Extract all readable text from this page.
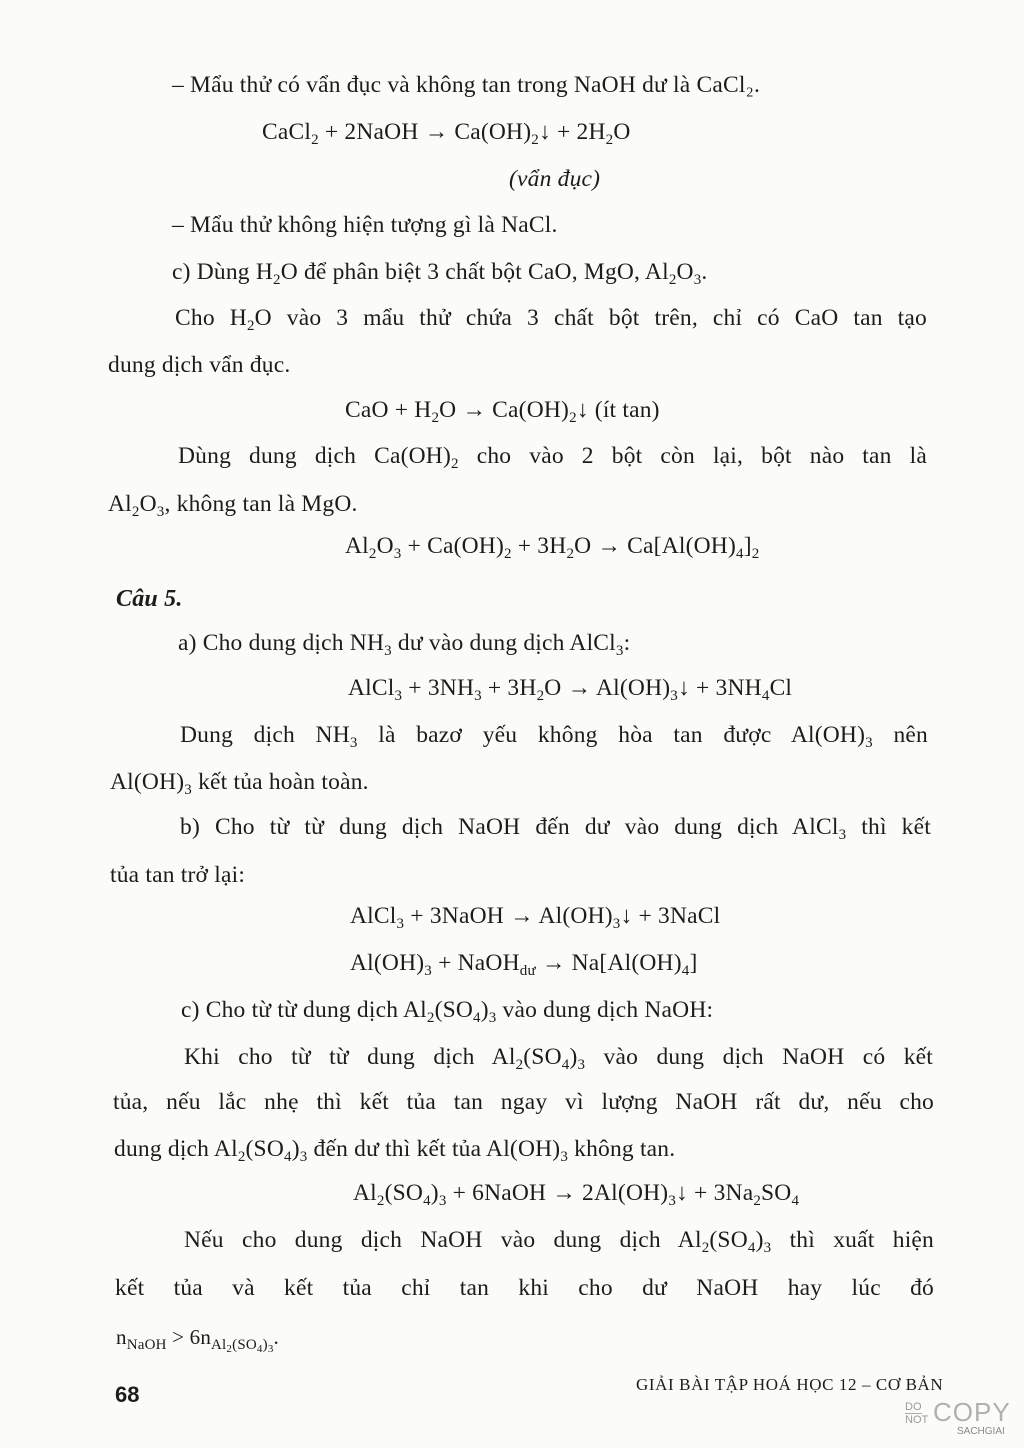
– Mẩu thử có vẩn đục và không tan trong NaOH dư là CaCl₂.
CaCl$_2$ + 2NaOH → $Ca(OH)_2↓ + 2H_2O$
(vẩn đục)
– Mẩu thử không hiện tượng gì là NaCl.
c) Dùng $H_2O$ để phân biệt 3 chất bột CaO, MgO, $Al_2O_3$.
Cho $H_2O$ vào 3 mẩu thử chứa 3 chất bột trên, chỉ có CaO tan tạo
dung dịch vẩn đục.
CaO + $H_2O$ → $Ca(OH)_2↓$ (ít tan)
Dùng dung dịch $Ca(OH)_2$ cho vào 2 bột còn lại, bột nào tan là
$Al_2O_3$, không tan là MgO.
$Al_2O_3 + Ca(OH)_2 + 3H_2O \to Ca[Al(OH)_4]_2$
Câu 5.
a) Cho dung dịch $NH_3$ dư vào dung dịch AlCl$_3$:
AlCl$_3$ + $3NH_3 + 3H_2O$ → $Al(OH)_3↓ + 3NH_4Cl$
Dung dịch $NH_3$ là bazơ yếu không hòa tan được $Al(OH)_3$ nên
$Al(OH)_3$ kết tủa hoàn toàn.
b) Cho từ từ dung dịch NaOH đến dư vào dung dịch AlCl$_3$ thì kết
tủa tan trở lại:
AlCl$_3$ + 3NaOH → $Al(OH)_3↓$ + 3NaCl
$Al(OH)_3$ + NaOH$_{dư}$ → $Na[Al(OH)_4]$
c) Cho từ từ dung dịch $Al_2(SO_4)_3$ vào dung dịch NaOH:
Khi cho từ từ dung dịch $Al_2(SO_4)_3$ vào dung dịch NaOH có kết
tủa, nếu lắc nhẹ thì kết tủa tan ngay vì lượng NaOH rất dư, nếu cho
dung dịch $Al_2(SO_4)_3$ đến dư thì kết tủa $Al(OH)_3$ không tan.
$Al_2(SO_4)_3$ + 6NaOH → $2Al(OH)_3↓ + 3Na_2SO_4$
Nếu cho dung dịch NaOH vào dung dịch $Al_2(SO_4)_3$ thì xuất hiện
kết tủa và kết tủa chỉ tan khi cho dư NaOH hay lúc đó
$n_{NaOH} > 6n_{Al_2(SO_4)_3}$.
68	GIẢI BÀI TẬP HOÁ HỌC 12 – CƠ BẢN
DO
NOT COPY
SACHGIAI
